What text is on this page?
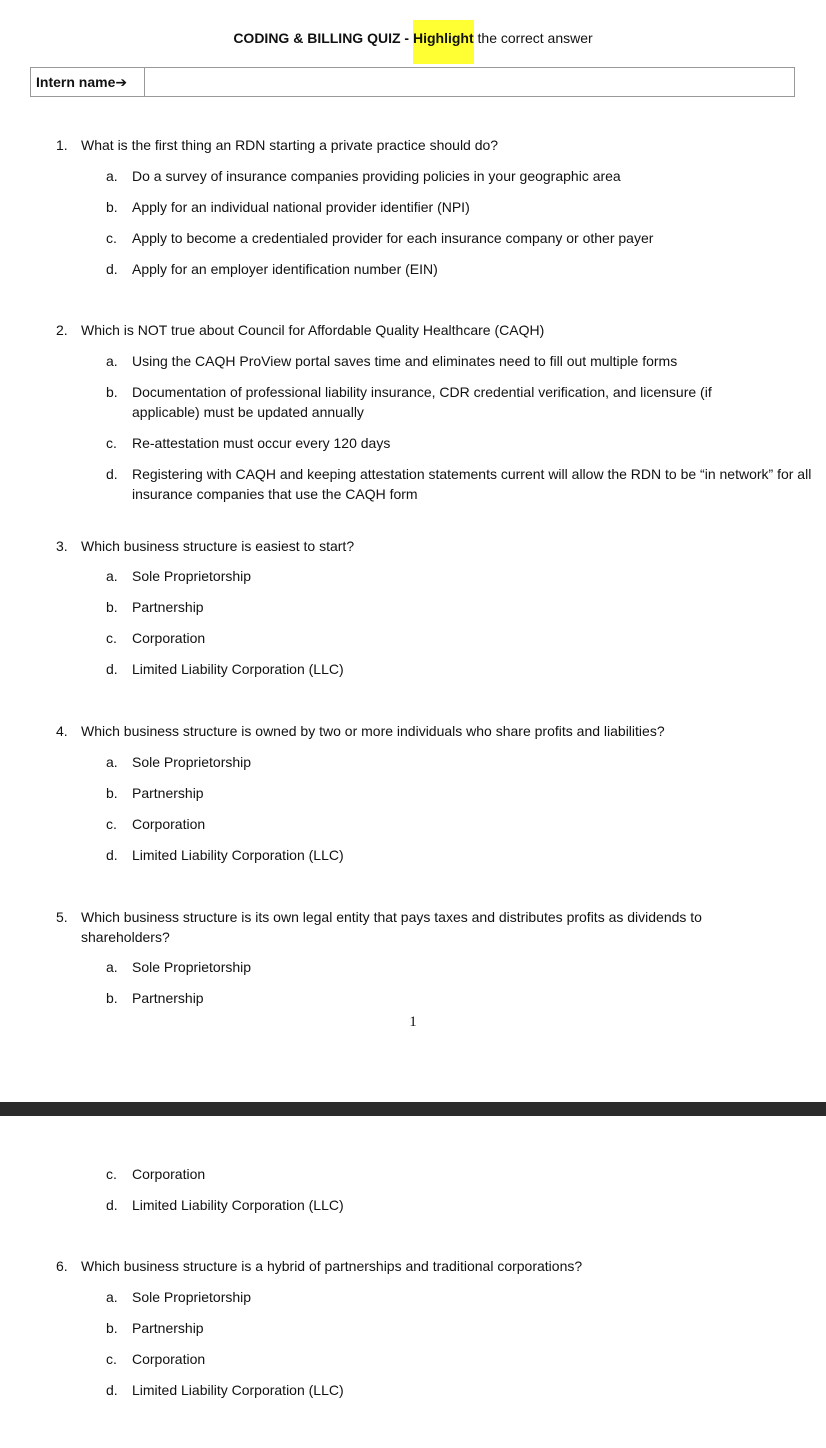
CODING & BILLING QUIZ - Highlight the correct answer
Intern name➔
1. What is the first thing an RDN starting a private practice should do?
a. Do a survey of insurance companies providing policies in your geographic area
b. Apply for an individual national provider identifier (NPI)
c. Apply to become a credentialed provider for each insurance company or other payer
d. Apply for an employer identification number (EIN)
2. Which is NOT true about Council for Affordable Quality Healthcare (CAQH)
a. Using the CAQH ProView portal saves time and eliminates need to fill out multiple forms
b. Documentation of professional liability insurance, CDR credential verification, and licensure (if applicable) must be updated annually
c. Re-attestation must occur every 120 days
d. Registering with CAQH and keeping attestation statements current will allow the RDN to be “in network” for all insurance companies that use the CAQH form
3. Which business structure is easiest to start?
a. Sole Proprietorship
b. Partnership
c. Corporation
d. Limited Liability Corporation (LLC)
4. Which business structure is owned by two or more individuals who share profits and liabilities?
a. Sole Proprietorship
b. Partnership
c. Corporation
d. Limited Liability Corporation (LLC)
5. Which business structure is its own legal entity that pays taxes and distributes profits as dividends to shareholders?
a. Sole Proprietorship
b. Partnership
1
c. Corporation
d. Limited Liability Corporation (LLC)
6. Which business structure is a hybrid of partnerships and traditional corporations?
a. Sole Proprietorship
b. Partnership
c. Corporation
d. Limited Liability Corporation (LLC)
